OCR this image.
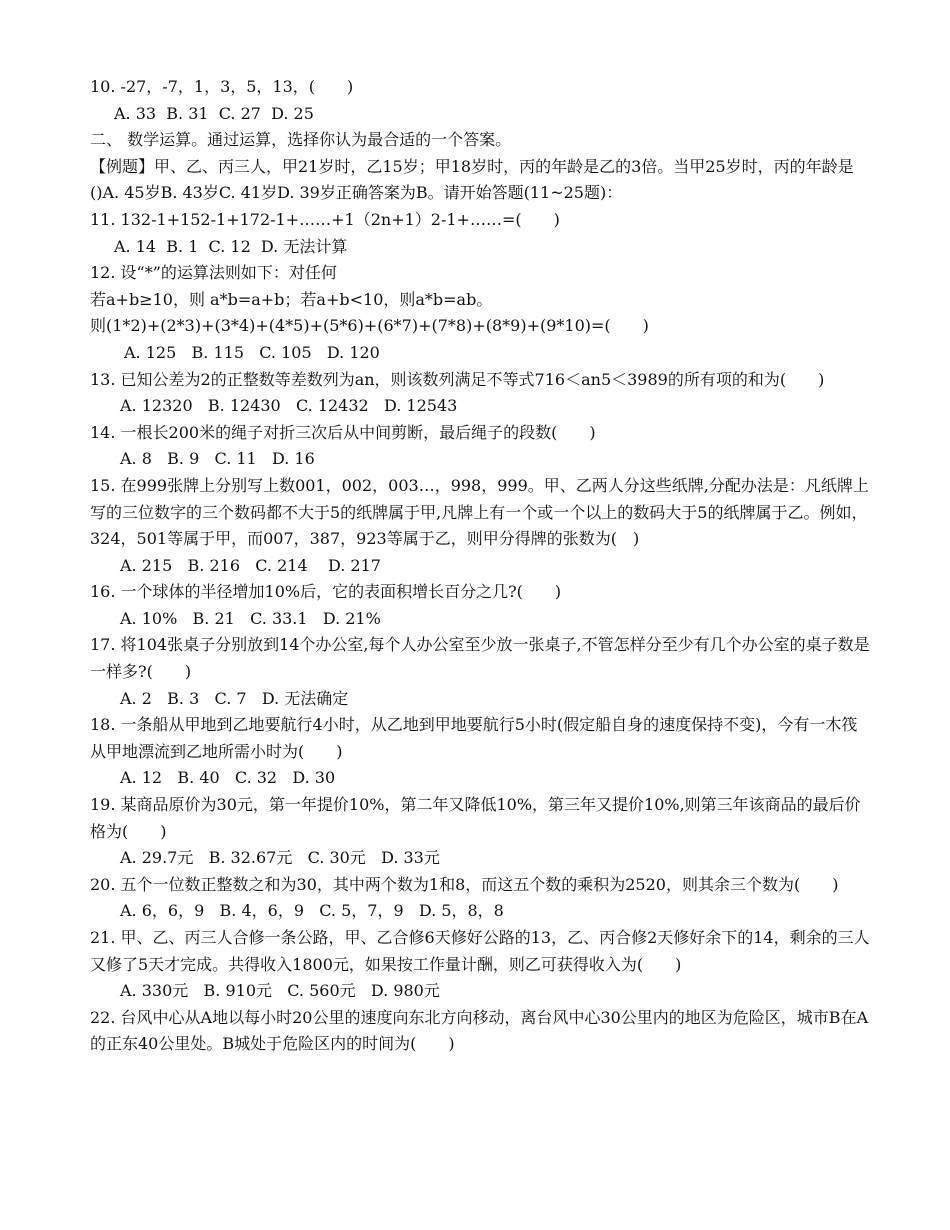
10. -27，-7，1，3，5，13，(　　)
A. 33  B. 31  C. 27  D. 25
二、 数学运算。通过运算，选择你认为最合适的一个答案。
【例题】甲、乙、丙三人，甲21岁时，乙15岁；甲18岁时，丙的年龄是乙的3倍。当甲25岁时，丙的年龄是()A. 45岁B. 43岁C. 41岁D. 39岁正确答案为B。请开始答题(11~25题)：
11. 132-1+152-1+172-1+……+1（2n+1）2-1+……=(　　)
A. 14  B. 1  C. 12  D. 无法计算
12. 设“*”的运算法则如下：对任何
若a+b≥10，则 a*b=a+b；若a+b<10，则a*b=ab。
则(1*2)+(2*3)+(3*4)+(4*5)+(5*6)+(6*7)+(7*8)+(8*9)+(9*10)=(　　)
A. 125   B. 115   C. 105   D. 120
13. 已知公差为2的正整数等差数列为an，则该数列满足不等式716＜an5＜3989的所有项的和为(　　)
A. 12320   B. 12430   C. 12432   D. 12543
14. 一根长200米的绳子对折三次后从中间剪断，最后绳子的段数(　　)
A. 8   B. 9   C. 11   D. 16
15. 在999张牌上分别写上数001，002，003…，998，999。甲、乙两人分这些纸牌,分配办法是：凡纸牌上写的三位数字的三个数码都不大于5的纸牌属于甲,凡牌上有一个或一个以上的数码大于5的纸牌属于乙。例如，324，501等属于甲，而007，387，923等属于乙，则甲分得牌的张数为(　)
A. 215   B. 216   C. 214    D. 217
16. 一个球体的半径增加10%后，它的表面积增长百分之几?(　　)
A. 10%   B. 21   C. 33.1   D. 21%
17. 将104张桌子分别放到14个办公室,每个人办公室至少放一张桌子,不管怎样分至少有几个办公室的桌子数是一样多?(　　)
A. 2   B. 3   C. 7   D. 无法确定
18. 一条船从甲地到乙地要航行4小时，从乙地到甲地要航行5小时(假定船自身的速度保持不变)，今有一木筏从甲地漂流到乙地所需小时为(　　)
A. 12   B. 40   C. 32   D. 30
19. 某商品原价为30元，第一年提价10%，第二年又降低10%，第三年又提价10%,则第三年该商品的最后价格为(　　)
A. 29.7元   B. 32.67元   C. 30元   D. 33元
20. 五个一位数正整数之和为30，其中两个数为1和8，而这五个数的乘积为2520，则其余三个数为(　　)
A. 6，6，9   B. 4，6，9   C. 5，7，9   D. 5，8，8
21. 甲、乙、丙三人合修一条公路，甲、乙合修6天修好公路的13，乙、丙合修2天修好余下的14，剩余的三人又修了5天才完成。共得收入1800元，如果按工作量计酬，则乙可获得收入为(　　)
A. 330元   B. 910元   C. 560元   D. 980元
22. 台风中心从A地以每小时20公里的速度向东北方向移动，离台风中心30公里内的地区为危险区，城市B在A的正东40公里处。B城处于危险区内的时间为(　　)
